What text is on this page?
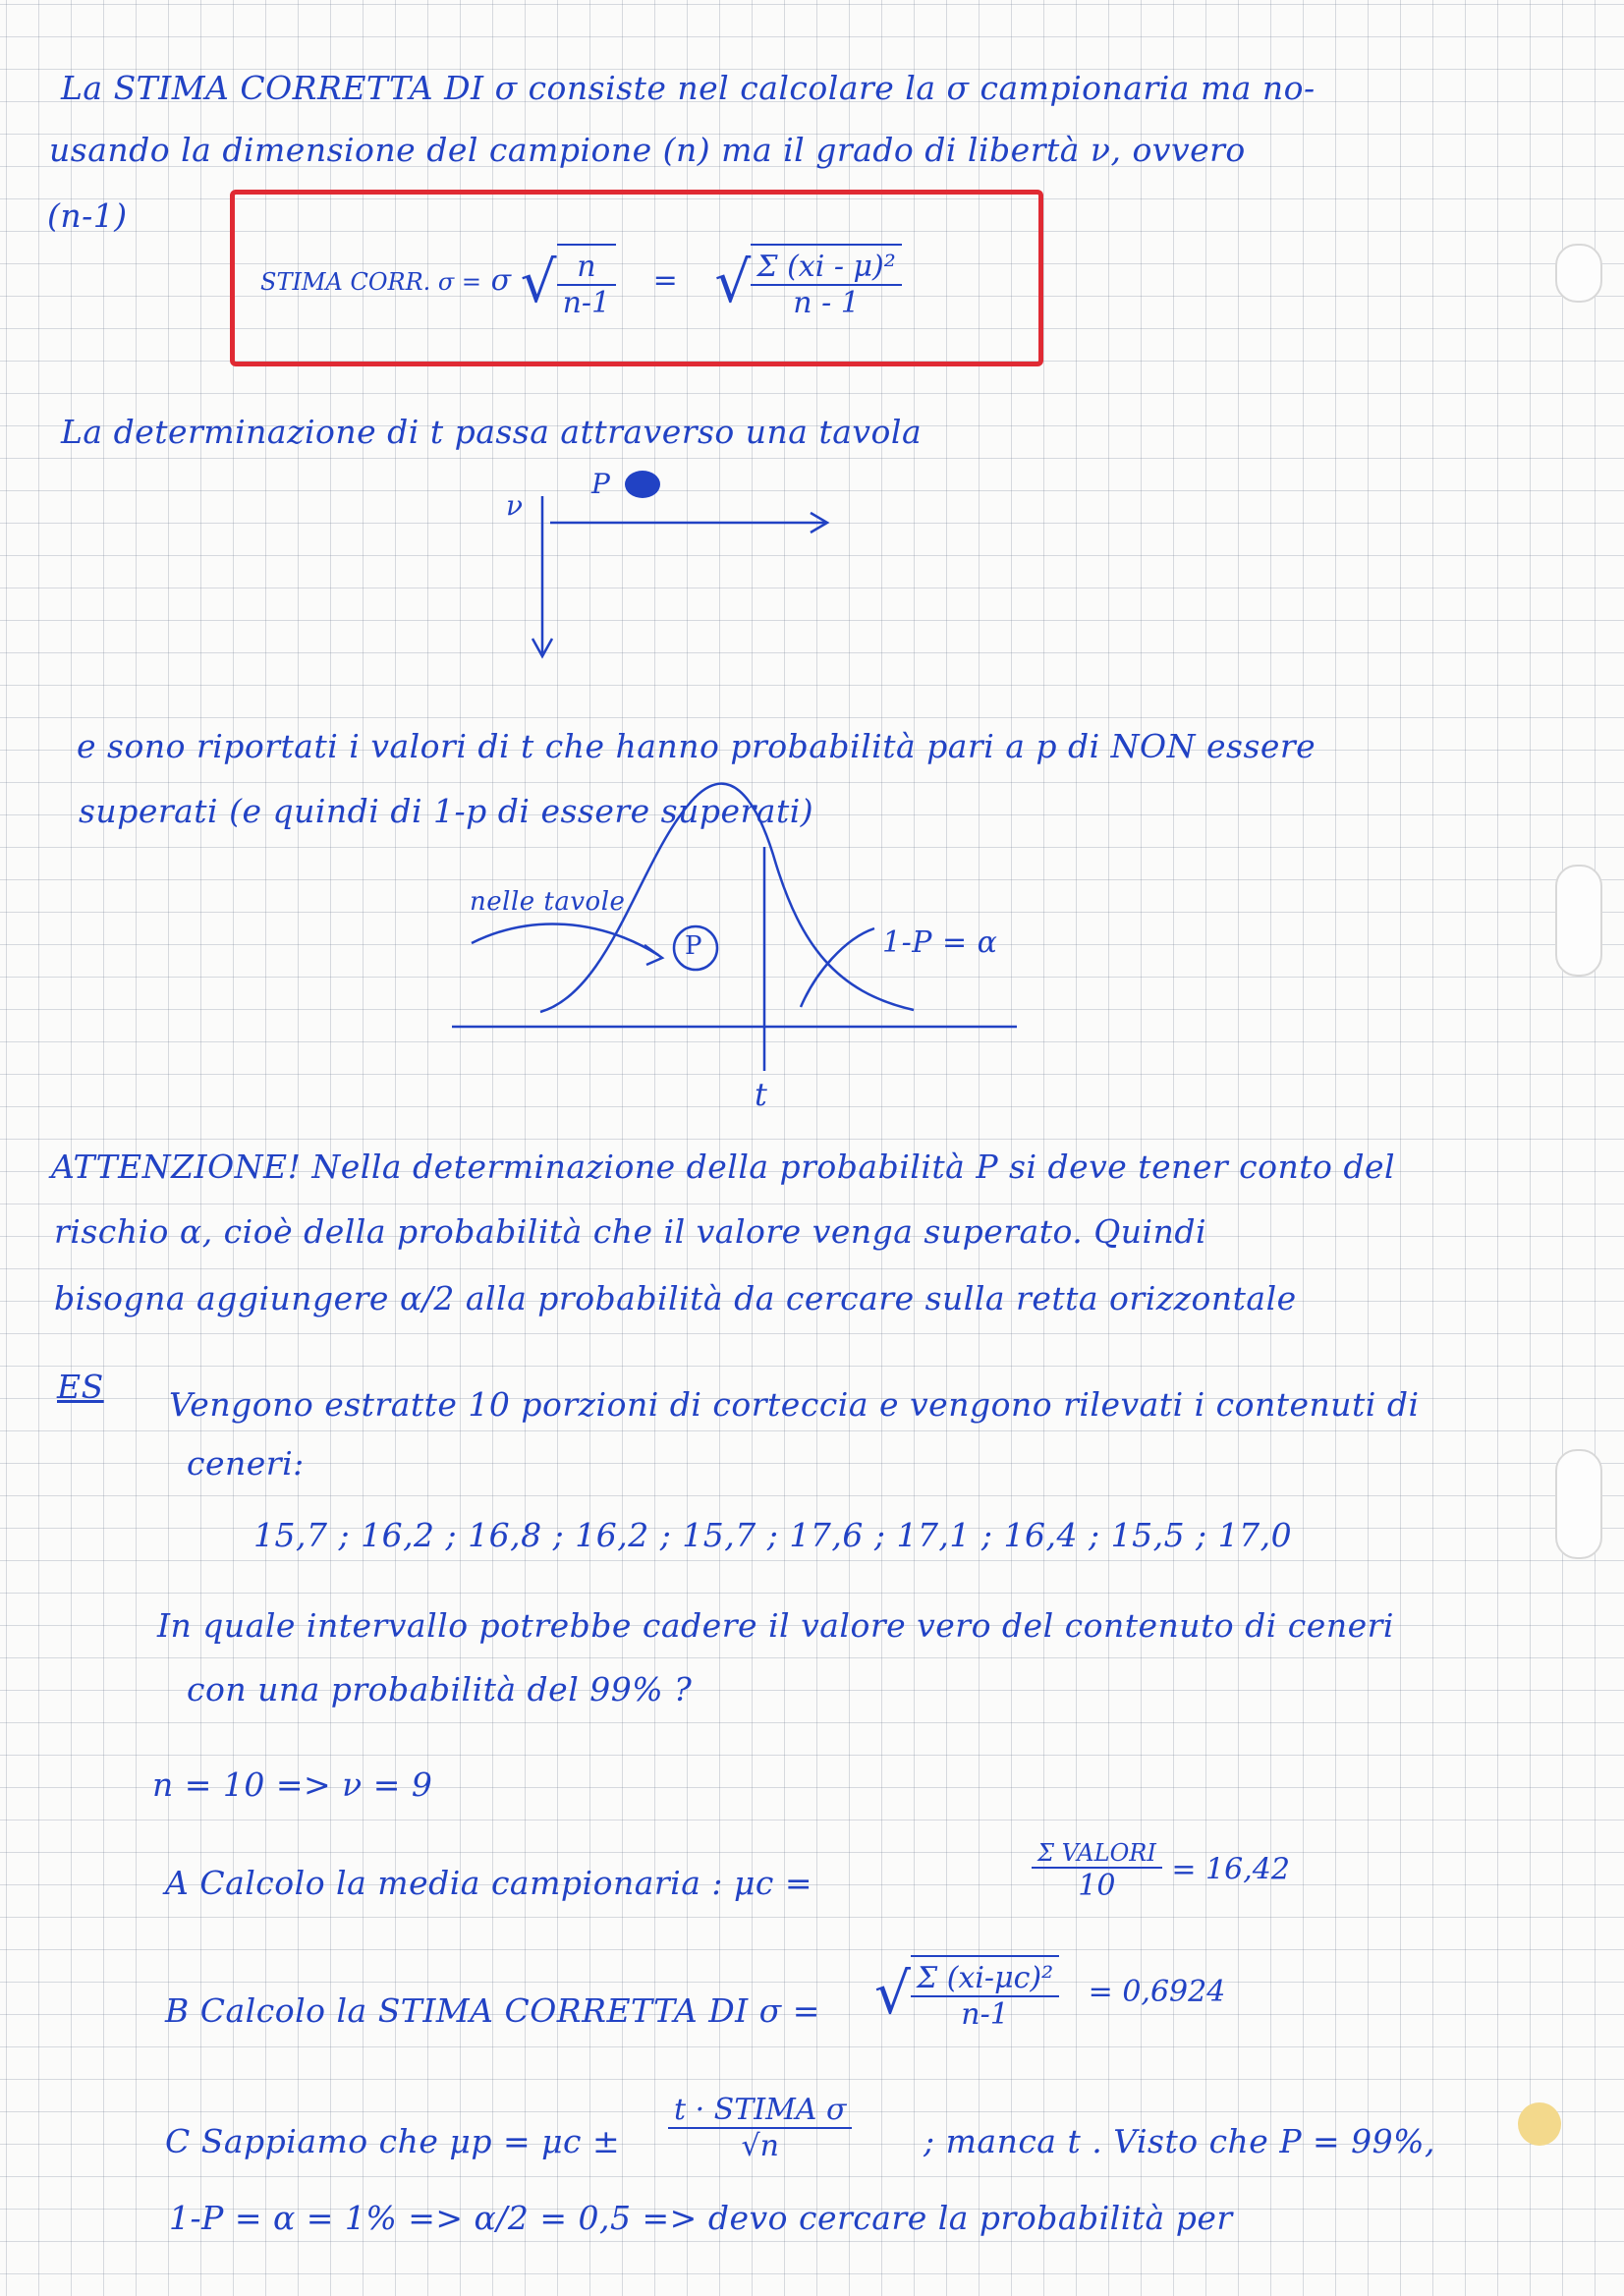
La STIMA CORRETTA DI σ consiste nel calcolare la σ campionaria ma no-
usando la dimensione del campione (n) ma il grado di libertà ν, ovvero
(n-1)
STIMA CORR. σ = σ √ $\frac{n}{n-1}$ = √ $\frac{\text{Σ (xi - μ)²}}{n - 1}$
La determinazione di t passa attraverso una tavola
ν
P
e sono riportati i valori di t che hanno probabilità pari a p di NON essere
superati (e quindi di 1-p di essere superati)
nelle tavole
P	1-P = α
t
ATTENZIONE! Nella determinazione della probabilità P si deve tener conto del
rischio α, cioè della probabilità che il valore venga superato. Quindi
bisogna aggiungere α/2 alla probabilità da cercare sulla retta orizzontale
ES Vengono estratte 10 porzioni di corteccia e vengono rilevati i contenuti di
ceneri:
15,7 ; 16,2 ; 16,8 ; 16,2 ; 15,7 ; 17,6 ; 17,1 ; 16,4 ; 15,5 ; 17,0
In quale intervallo potrebbe cadere il valore vero del contenuto di ceneri
con una probabilità del 99% ?
n = 10 => ν = 9
A Calcolo la media campionaria : μc =	$\frac{\text{Σ VALORI}}{10} = 16,42$
B Calcolo la STIMA CORRETTA DI σ = √ $\frac{\text{Σ (xi-μc)²}}{n-1} = 0,6924$
C Sappiamo che $\mu p = \mu c \pm \frac{\text{t · STIMA σ}}{√n}$ ; manca t . Visto che P = 99%,
1-P = α = 1% => α/2 = 0,5 => devo cercare la probabilità per
